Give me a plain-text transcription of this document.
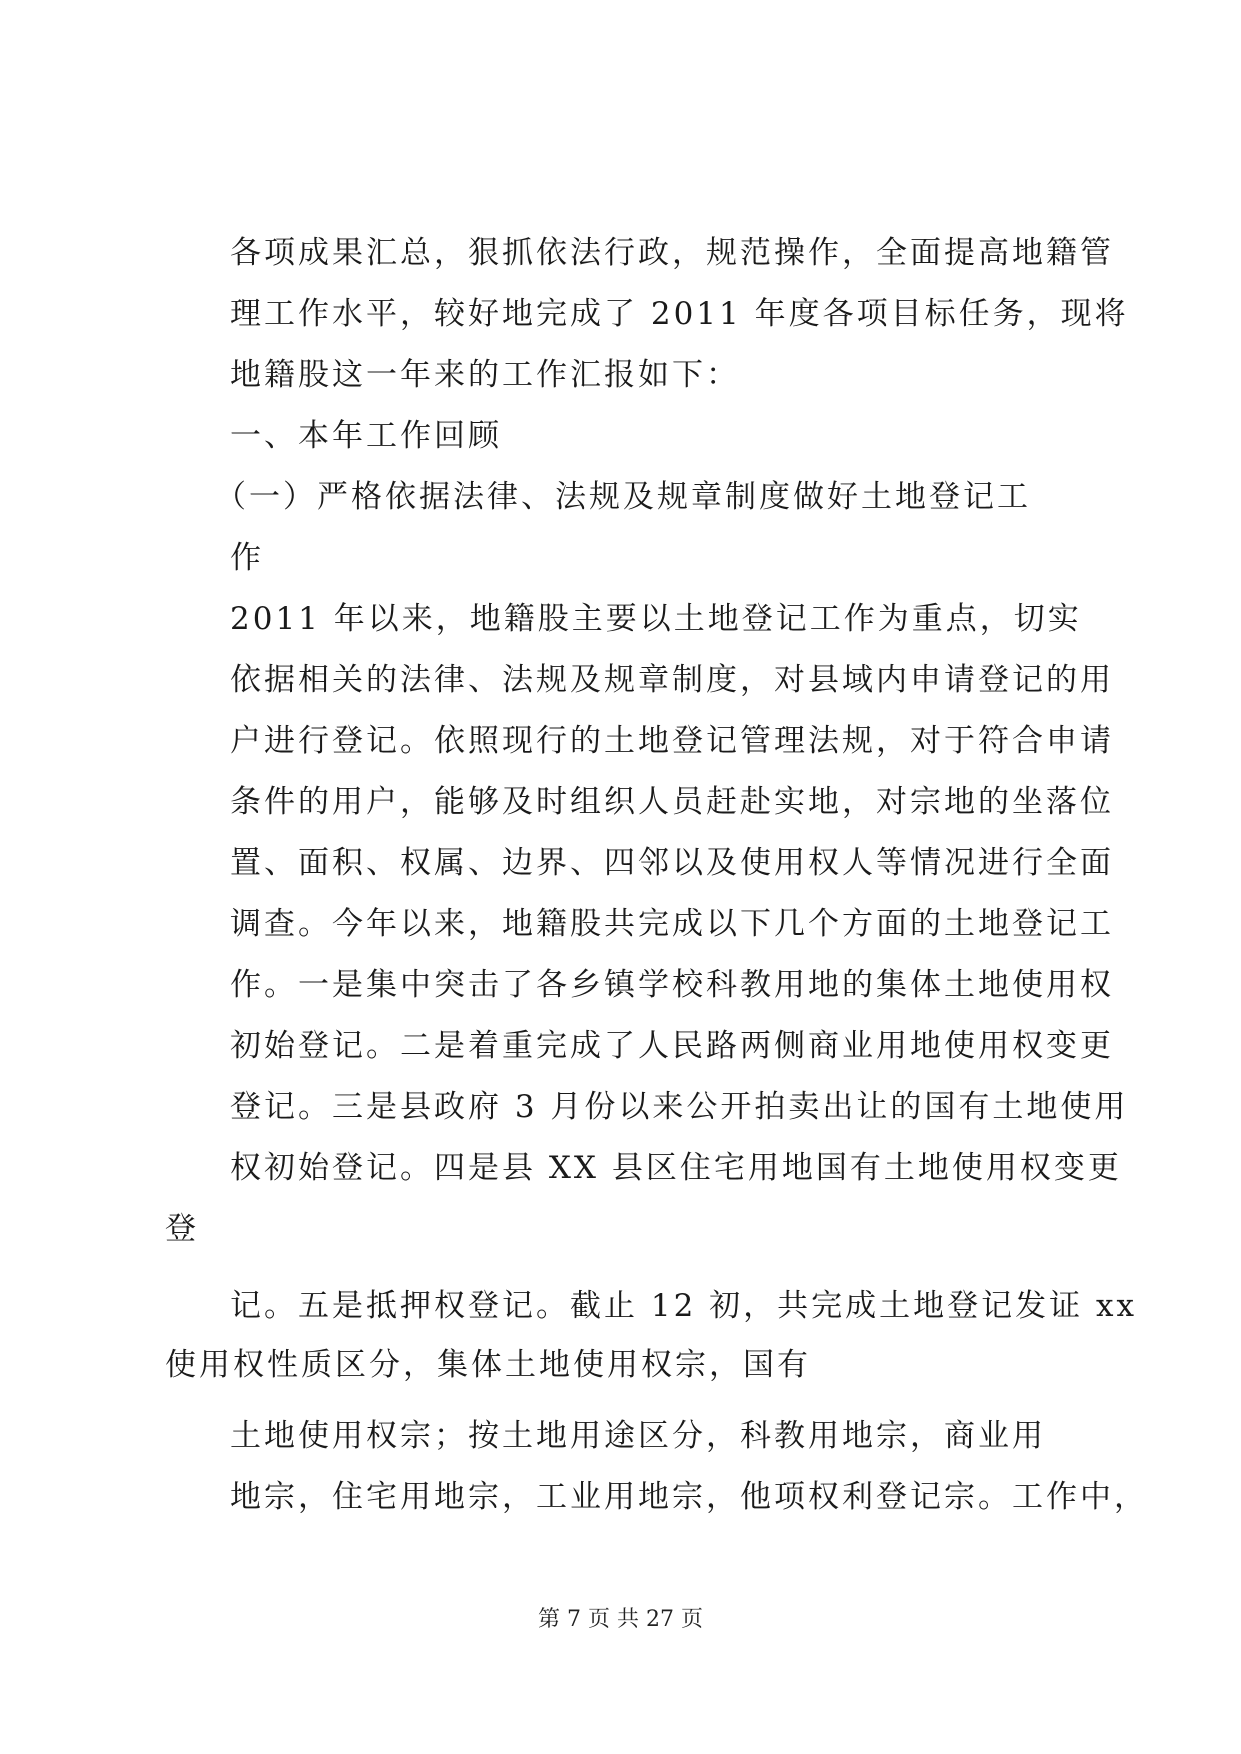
各项成果汇总，狠抓依法行政，规范操作，全面提高地籍管
理工作水平，较好地完成了 2011 年度各项目标任务，现将
地籍股这一年来的工作汇报如下：
一、本年工作回顾
（一）严格依据法律、法规及规章制度做好土地登记工
作
2011 年以来，地籍股主要以土地登记工作为重点，切实
依据相关的法律、法规及规章制度，对县域内申请登记的用
户进行登记。依照现行的土地登记管理法规，对于符合申请
条件的用户，能够及时组织人员赶赴实地，对宗地的坐落位
置、面积、权属、边界、四邻以及使用权人等情况进行全面
调查。今年以来，地籍股共完成以下几个方面的土地登记工
作。一是集中突击了各乡镇学校科教用地的集体土地使用权
初始登记。二是着重完成了人民路两侧商业用地使用权变更
登记。三是县政府 3 月份以来公开拍卖出让的国有土地使用
权初始登记。四是县 XX 县区住宅用地国有土地使用权变更
登
记。五是抵押权登记。截止 12 初，共完成土地登记发证 xx
使用权性质区分，集体土地使用权宗，国有
土地使用权宗；按土地用途区分，科教用地宗，商业用
地宗，住宅用地宗，工业用地宗，他项权利登记宗。工作中，
第 7 页 共 27 页
